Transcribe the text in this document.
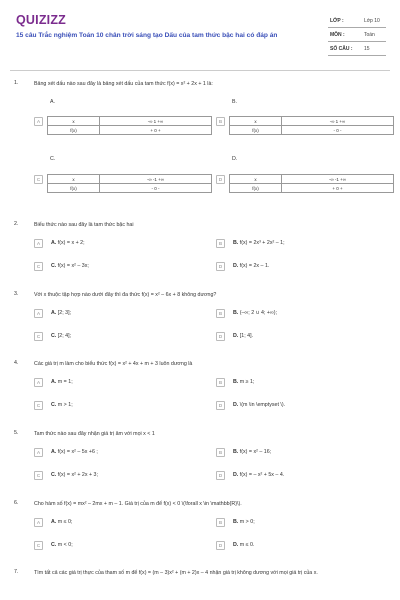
QUIZIZZ
15 câu Trắc nghiệm Toán 10 chân trời sáng tạo Dấu của tam thức bậc hai có đáp án
LỚP :	Lớp 10
MÔN :	Toán
SỐ CÂU : 15
1.	Bảng xét dấu nào sau đây là bảng xét dấu của tam thức f(x) = x² + 2x + 1 là:
A.	B.
C.	D.
A	x	-∞ 1 +∞
f(x)	+ 0 +
B	x	-∞ 1 +∞
f(x)	- 0 -
C	x	-∞ -1 +∞
f(x)	- 0 -
D	x	-∞ -1 +∞
f(x)	+ 0 +
2.	Biểu thức nào sau đây là tam thức bậc hai
A	A. f(x) = x + 2;	B	B. f(x) = 2x³ + 2x² – 1;
C	C. f(x) = x² – 3x;	D	D. f(x) = 2x – 1.
3.	Với x thuộc tập hợp nào dưới đây thì đa thức f(x) = x² – 6x + 8 không dương?
A	A. [2; 3];	B	B. (–∞; 2 ∪ 4; +∞);
C	C. [2; 4];	D	D. [1; 4].
4.	Các giá trị m làm cho biểu thức f(x) = x² + 4x + m + 3 luôn dương là
A	A. m = 1;	B	B. m ≥ 1;
C	C. m > 1;	D	D. \(m \in \emptyset \).
5.	Tam thức nào sau đây nhận giá trị âm với mọi x < 1
A	A. f(x) = x² – 5x +6 ;	B	B. f(x) = x² – 16;
C	C. f(x) = x² + 2x + 3;	D	D. f(x) = – x² + 5x – 4.
6.	Cho hàm số f(x) = mx² – 2mx + m – 1. Giá trị của m để f(x) < 0 \(\forall x \in \mathbb{R}\).
A	A. m ≤ 0;	B	B. m > 0;
C	C. m < 0;	D	D. m ≤ 0.
7.	Tìm tất cả các giá trị thực của tham số m để f(x) = (m – 3)x² + (m + 2)x – 4 nhận giá trị không dương với mọi giá trị của x.
